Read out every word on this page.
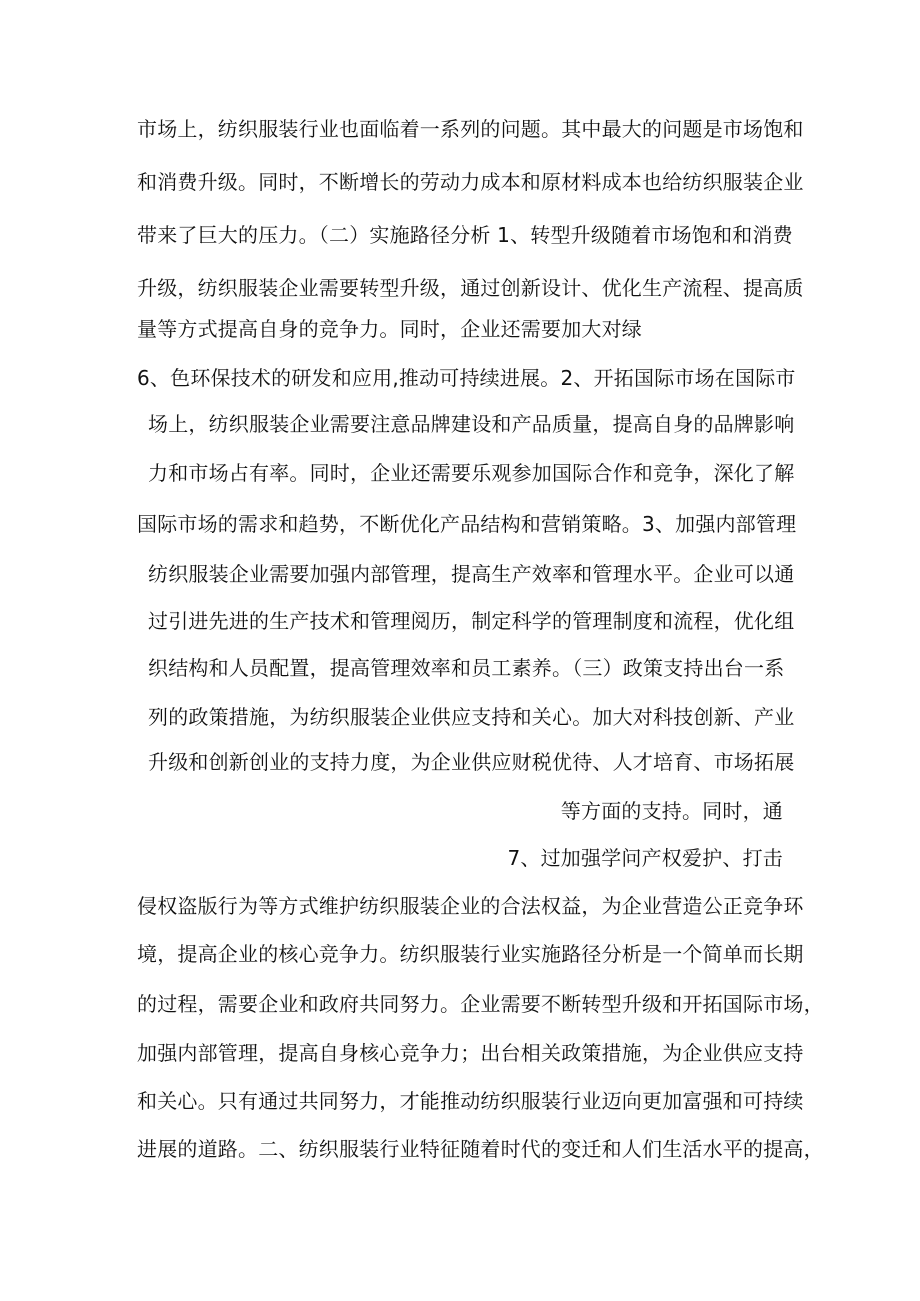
市场上，纺织服装行业也面临着一系列的问题。其中最大的问题是市场饱和
和消费升级。同时，不断增长的劳动力成本和原材料成本也给纺织服装企业
带来了巨大的压力。（二）实施路径分析 1、转型升级随着市场饱和和消费
升级，纺织服装企业需要转型升级，通过创新设计、优化生产流程、提高质
量等方式提高自身的竞争力。同时，企业还需要加大对绿
6、色环保技术的研发和应用,推动可持续进展。2、开拓国际市场在国际市
场上，纺织服装企业需要注意品牌建设和产品质量，提高自身的品牌影响
力和市场占有率。同时，企业还需要乐观参加国际合作和竞争，深化了解
国际市场的需求和趋势，不断优化产品结构和营销策略。3、加强内部管理
纺织服装企业需要加强内部管理，提高生产效率和管理水平。企业可以通
过引进先进的生产技术和管理阅历，制定科学的管理制度和流程，优化组
织结构和人员配置，提高管理效率和员工素养。（三）政策支持出台一系
列的政策措施，为纺织服装企业供应支持和关心。加大对科技创新、产业
升级和创新创业的支持力度，为企业供应财税优待、人才培育、市场拓展
等方面的支持。同时，通
7、过加强学问产权爱护、打击
侵权盗版行为等方式维护纺织服装企业的合法权益，为企业营造公正竞争环
境，提高企业的核心竞争力。纺织服装行业实施路径分析是一个简单而长期
的过程，需要企业和政府共同努力。企业需要不断转型升级和开拓国际市场，
加强内部管理，提高自身核心竞争力；出台相关政策措施，为企业供应支持
和关心。只有通过共同努力，才能推动纺织服装行业迈向更加富强和可持续
进展的道路。二、纺织服装行业特征随着时代的变迁和人们生活水平的提高，
